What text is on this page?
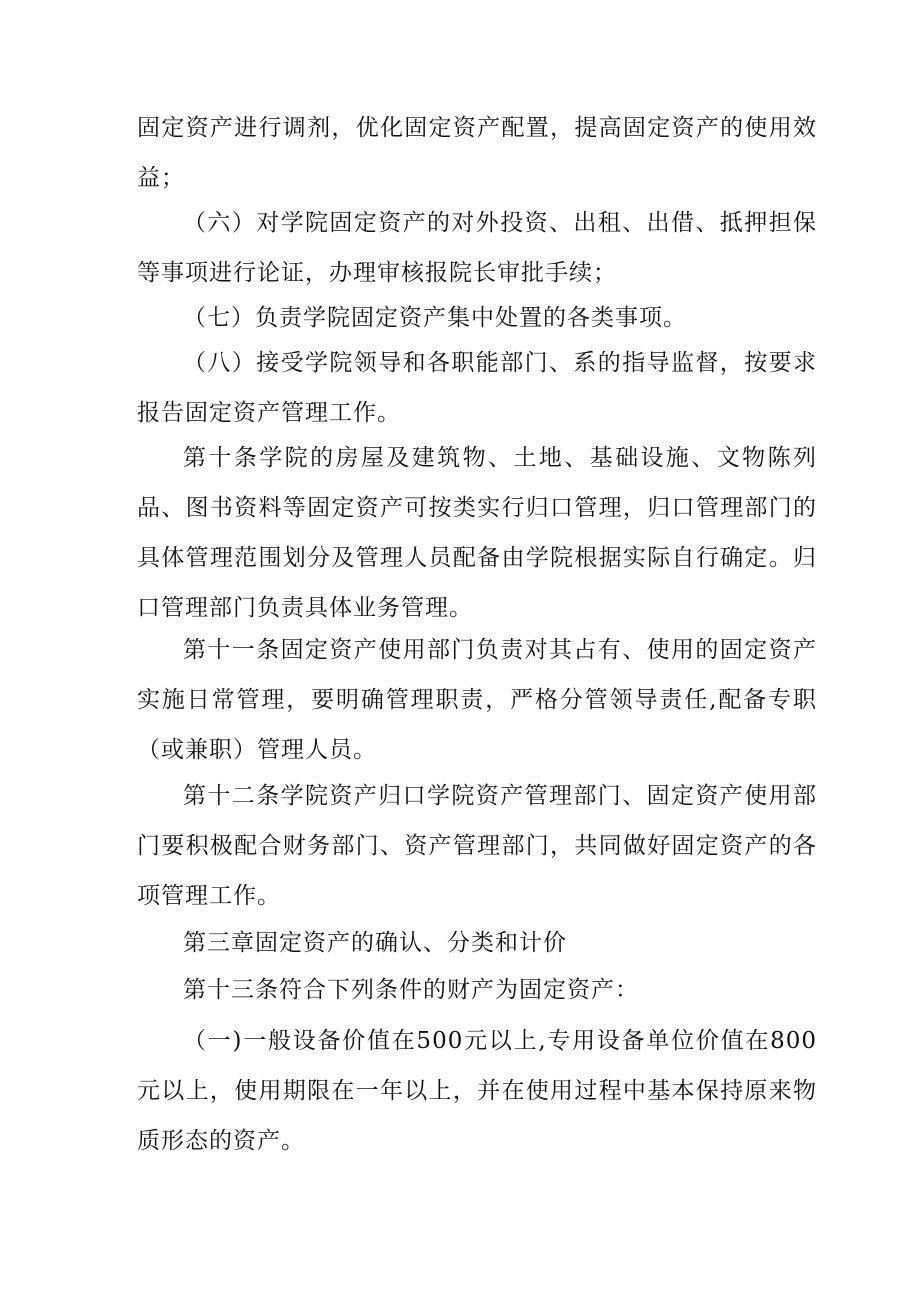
固定资产进行调剂，优化固定资产配置，提高固定资产的使用效益；

（六）对学院固定资产的对外投资、出租、出借、抵押担保等事项进行论证，办理审核报院长审批手续；

（七）负责学院固定资产集中处置的各类事项。

（八）接受学院领导和各职能部门、系的指导监督，按要求报告固定资产管理工作。

第十条学院的房屋及建筑物、土地、基础设施、文物陈列品、图书资料等固定资产可按类实行归口管理，归口管理部门的具体管理范围划分及管理人员配备由学院根据实际自行确定。归口管理部门负责具体业务管理。

第十一条固定资产使用部门负责对其占有、使用的固定资产实施日常管理，要明确管理职责，严格分管领导责任,配备专职（或兼职）管理人员。

第十二条学院资产归口学院资产管理部门、固定资产使用部门要积极配合财务部门、资产管理部门，共同做好固定资产的各项管理工作。

第三章固定资产的确认、分类和计价

第十三条符合下列条件的财产为固定资产：

（一)一般设备价值在500元以上,专用设备单位价值在800元以上，使用期限在一年以上，并在使用过程中基本保持原来物质形态的资产。
